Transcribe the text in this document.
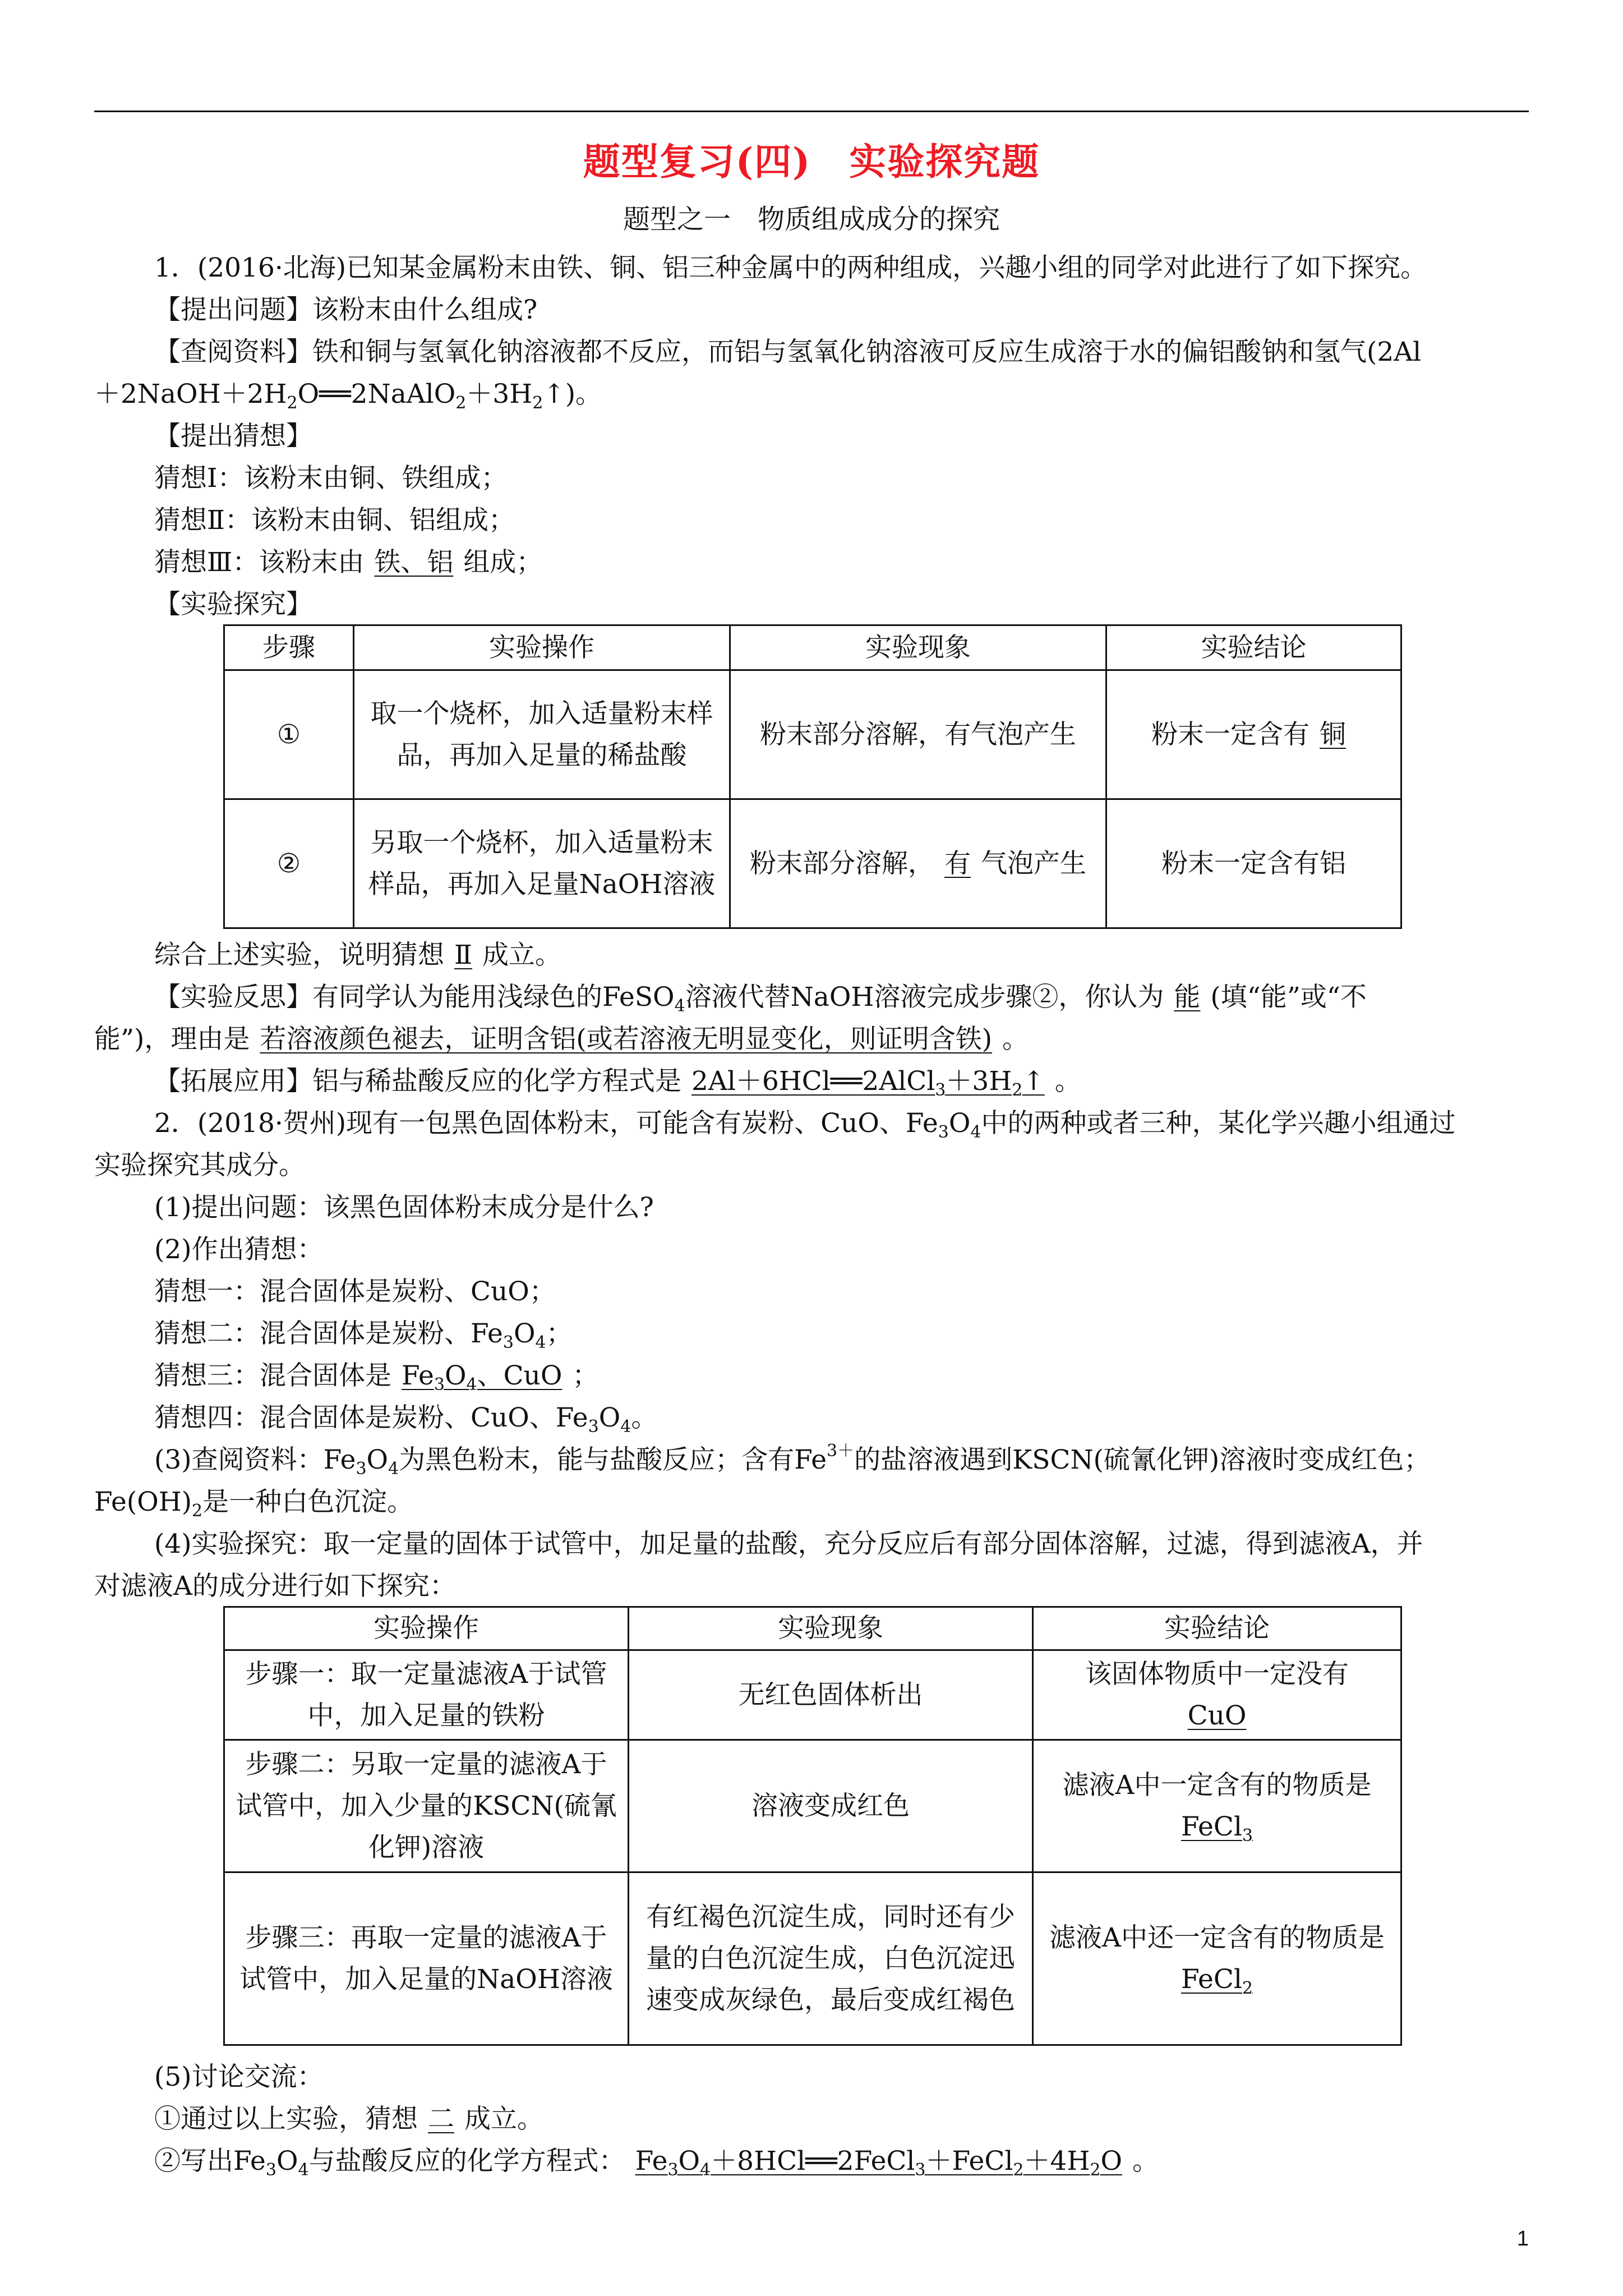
题型复习(四)　实验探究题
题型之一　物质组成成分的探究
1．(2016·北海)已知某金属粉末由铁、铜、铝三种金属中的两种组成，兴趣小组的同学对此进行了如下探究。
【提出问题】该粉末由什么组成?
【查阅资料】铁和铜与氢氧化钠溶液都不反应，而铝与氢氧化钠溶液可反应生成溶于水的偏铝酸钠和氢气(2Al
$+2NaOH+2H_2O══2NaAlO_2+3H_2↑$)。
【提出猜想】
猜想Ⅰ：该粉末由铜、铁组成；
猜想Ⅱ：该粉末由铜、铝组成；
猜想Ⅲ：该粉末由 铁、铝 组成；
【实验探究】
步骤	实验操作	实验现象	实验结论
①	取一个烧杯，加入适量粉末样品，再加入足量的稀盐酸	粉末部分溶解，有气泡产生	粉末一定含有 铜
②	另取一个烧杯，加入适量粉末样品，再加入足量NaOH溶液	粉末部分溶解， 有 气泡产生	粉末一定含有铝
综合上述实验，说明猜想 Ⅱ 成立。
【实验反思】有同学认为能用浅绿色的FeSO$_4$溶液代替NaOH溶液完成步骤②，你认为 能 (填“能”或“不
能”)，理由是 若溶液颜色褪去，证明含铝(或若溶液无明显变化，则证明含铁) 。
【拓展应用】铝与稀盐酸反应的化学方程式是 $2Al+6HCl══2AlCl_3+3H_2↑$ 。
2．(2018·贺州)现有一包黑色固体粉末，可能含有炭粉、CuO、$Fe_3O_4$中的两种或者三种，某化学兴趣小组通过
实验探究其成分。
(1)提出问题：该黑色固体粉末成分是什么?
(2)作出猜想：
猜想一：混合固体是炭粉、CuO；
猜想二：混合固体是炭粉、$Fe_3O_4$；
猜想三：混合固体是 $Fe_3O_4$、CuO ；
猜想四：混合固体是炭粉、CuO、$Fe_3O_4$。
(3)查阅资料：$Fe_3O_4$为黑色粉末，能与盐酸反应；含有$Fe^{3+}$的盐溶液遇到KSCN(硫氰化钾)溶液时变成红色；
$Fe(OH)_2$是一种白色沉淀。
(4)实验探究：取一定量的固体于试管中，加足量的盐酸，充分反应后有部分固体溶解，过滤，得到滤液A，并
对滤液A的成分进行如下探究：
实验操作	实验现象	实验结论
步骤一：取一定量滤液A于试管中，加入足量的铁粉	无红色固体析出	该固体物质中一定没有
CuO
步骤二：另取一定量的滤液A于试管中，加入少量的KSCN(硫氰化钾)溶液	溶液变成红色	滤液A中一定含有的物质是
FeCl$_3$
步骤三：再取一定量的滤液A于试管中，加入足量的NaOH溶液	有红褐色沉淀生成，同时还有少量的白色沉淀生成，白色沉淀迅速变成灰绿色，最后变成红褐色	滤液A中还一定含有的物质是
FeCl$_2$
(5)讨论交流：
①通过以上实验，猜想 二 成立。
②写出$Fe_3O_4$与盐酸反应的化学方程式： $Fe_3O_4+8HCl══2FeCl_3+FeCl_2+4H_2O$ 。
1
